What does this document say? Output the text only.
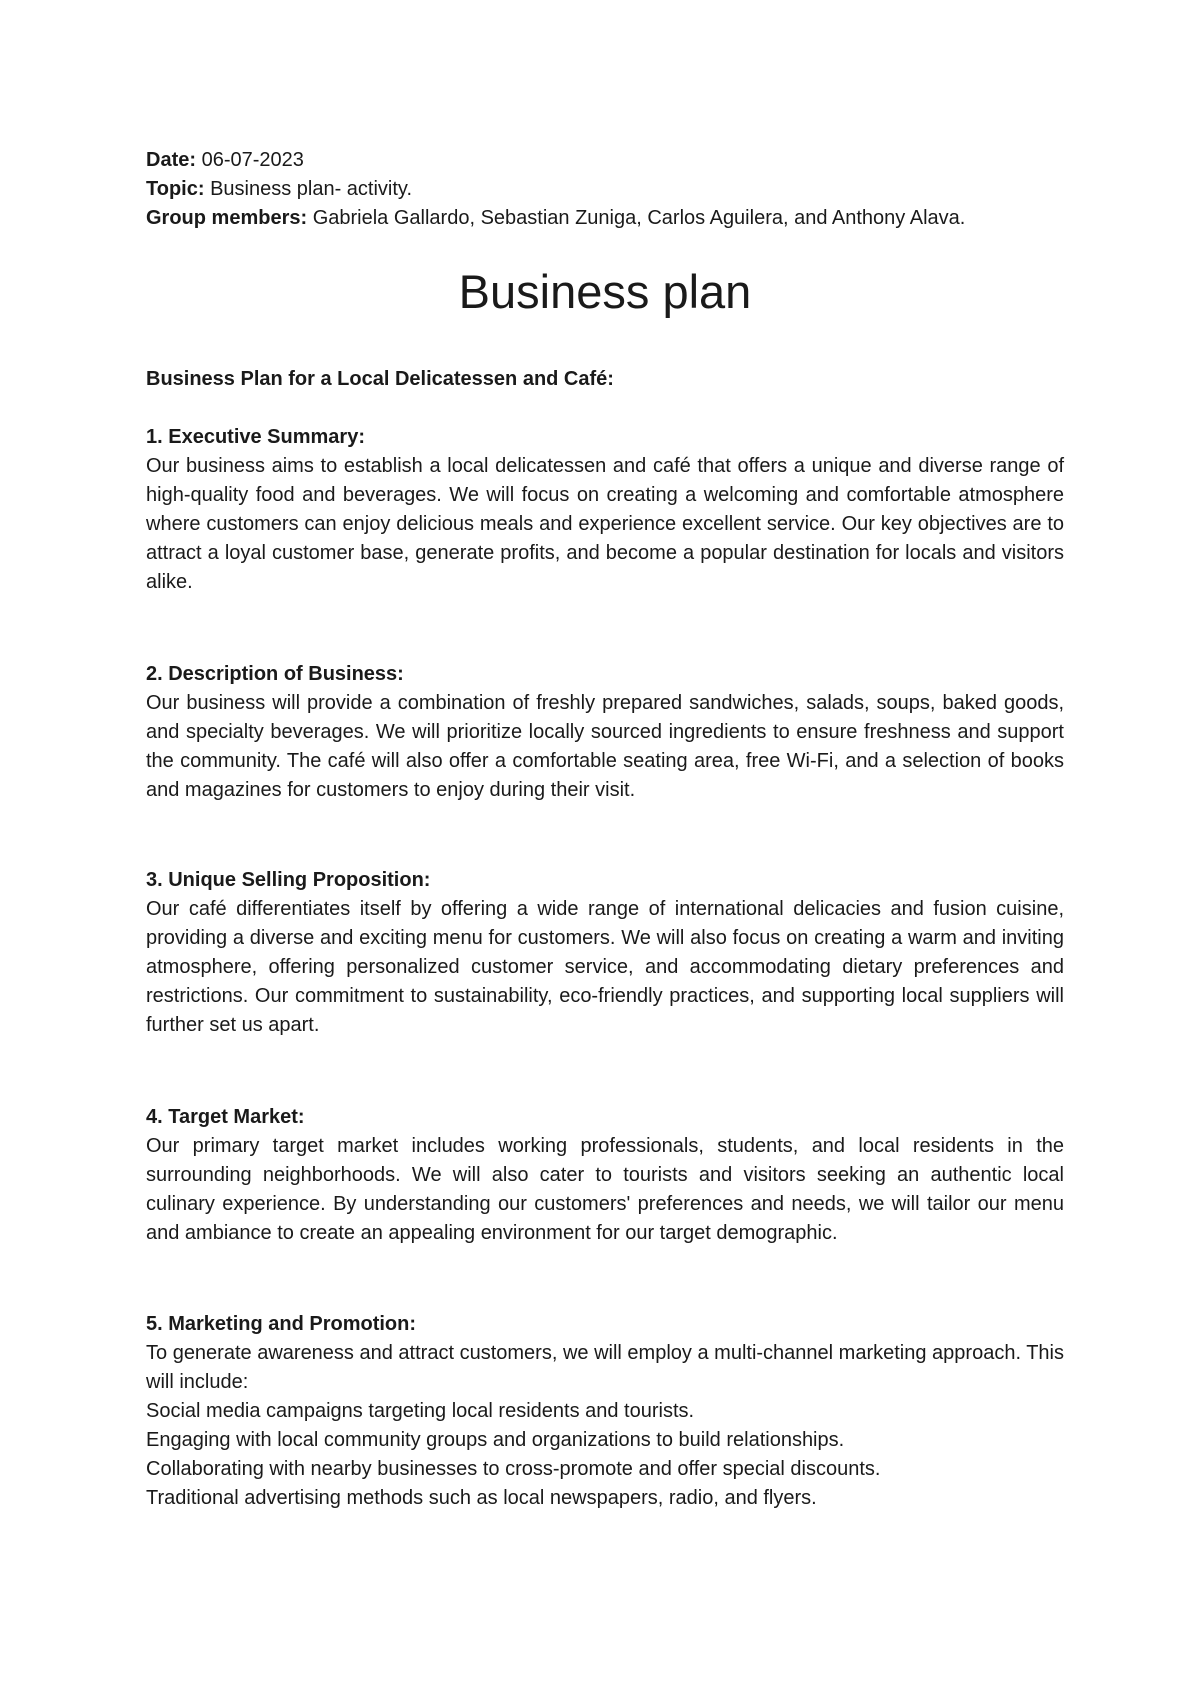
Date: 06-07-2023
Topic: Business plan- activity.
Group members: Gabriela Gallardo, Sebastian Zuniga, Carlos Aguilera, and Anthony Alava.
Business plan
Business Plan for a Local Delicatessen and Café:
1. Executive Summary:
Our business aims to establish a local delicatessen and café that offers a unique and diverse range of high-quality food and beverages. We will focus on creating a welcoming and comfortable atmosphere where customers can enjoy delicious meals and experience excellent service. Our key objectives are to attract a loyal customer base, generate profits, and become a popular destination for locals and visitors alike.
2. Description of Business:
Our business will provide a combination of freshly prepared sandwiches, salads, soups, baked goods, and specialty beverages. We will prioritize locally sourced ingredients to ensure freshness and support the community. The café will also offer a comfortable seating area, free Wi-Fi, and a selection of books and magazines for customers to enjoy during their visit.
3. Unique Selling Proposition:
Our café differentiates itself by offering a wide range of international delicacies and fusion cuisine, providing a diverse and exciting menu for customers. We will also focus on creating a warm and inviting atmosphere, offering personalized customer service, and accommodating dietary preferences and restrictions. Our commitment to sustainability, eco-friendly practices, and supporting local suppliers will further set us apart.
4. Target Market:
Our primary target market includes working professionals, students, and local residents in the surrounding neighborhoods. We will also cater to tourists and visitors seeking an authentic local culinary experience. By understanding our customers' preferences and needs, we will tailor our menu and ambiance to create an appealing environment for our target demographic.
5. Marketing and Promotion:
To generate awareness and attract customers, we will employ a multi-channel marketing approach. This will include:
Social media campaigns targeting local residents and tourists.
Engaging with local community groups and organizations to build relationships.
Collaborating with nearby businesses to cross-promote and offer special discounts.
Traditional advertising methods such as local newspapers, radio, and flyers.
